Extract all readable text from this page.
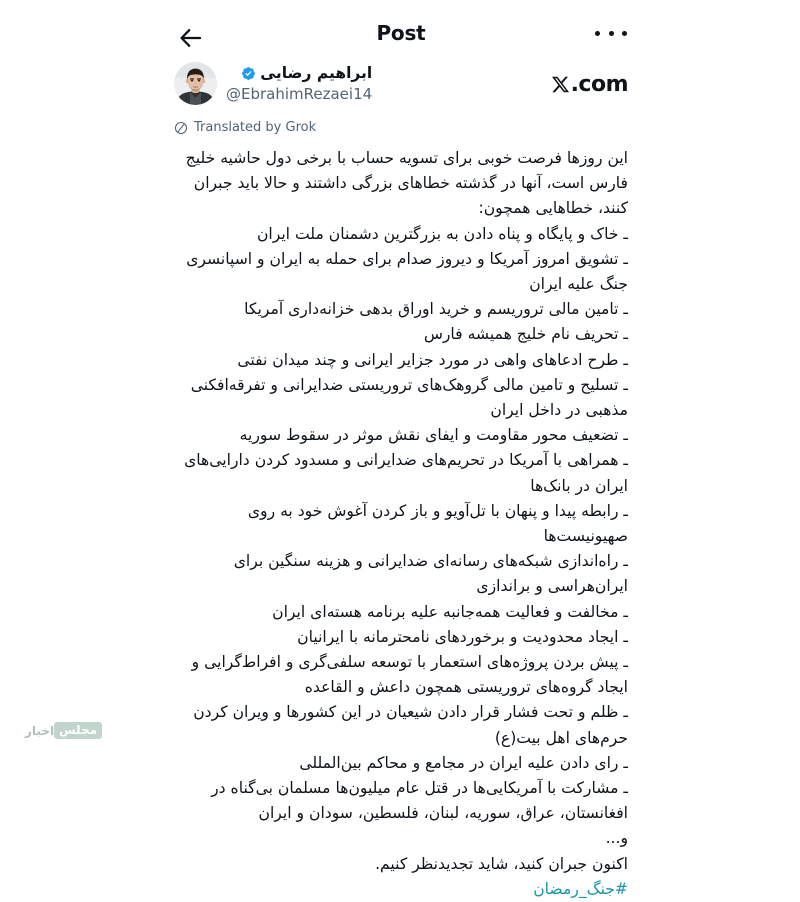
Post
ابراهیم رضایی
@EbrahimRezaei14	.com
Translated by Grok
این روزها فرصت خوبی برای تسویه حساب با برخی دول حاشیه خلیج فارس است، آنها در گذشته خطاهای بزرگی داشتند و حالا باید جبران کنند، خطاهایی همچون:
ـ خاک و پایگاه و پناه دادن به بزرگترین دشمنان ملت ایران
ـ تشویق امروز آمریکا و دیروز صدام برای حمله به ایران و اسپانسری جنگ علیه ایران
ـ تامین مالی تروریسم و خرید اوراق بدهی خزانه‌داری آمریکا
ـ تحریف نام خلیج همیشه فارس
ـ طرح ادعاهای واهی در مورد جزایر ایرانی و چند میدان نفتی
ـ تسلیح و تامین مالی گروهک‌های تروریستی ضدایرانی و تفرقه‌افکنی مذهبی در داخل ایران
ـ تضعیف محور مقاومت و ایفای نقش موثر در سقوط سوریه
ـ همراهی با آمریکا در تحریم‌های ضدایرانی و مسدود کردن دارایی‌های ایران در بانک‌ها
ـ رابطه پیدا و پنهان با تل‌آویو و باز کردن آغوش خود به روی صهیونیست‌ها
ـ راه‌اندازی شبکه‌های رسانه‌ای ضدایرانی و هزینه سنگین برای ایران‌هراسی و براندازی
ـ مخالفت و فعالیت همه‌جانبه علیه برنامه هسته‌ای ایران
ـ ایجاد محدودیت و برخوردهای نامحترمانه با ایرانیان
ـ پیش بردن پروژه‌های استعمار با توسعه سلفی‌گری و افراط‌گرایی و ایجاد گروه‌های تروریستی همچون داعش و القاعده
ـ ظلم و تحت فشار قرار دادن شیعیان در این کشورها و ویران کردن حرم‌های اهل بیت(ع)
ـ رای دادن علیه ایران در مجامع و محاکم بین‌المللی
ـ مشارکت با آمریکایی‌ها در قتل عام میلیون‌ها مسلمان بی‌گناه در افغانستان، عراق، سوریه، لبنان، فلسطین، سودان و ایران
و...
اکنون جبران کنید، شاید تجدیدنظر کنیم.
#جنگ_رمضان
اخبار مجلس
